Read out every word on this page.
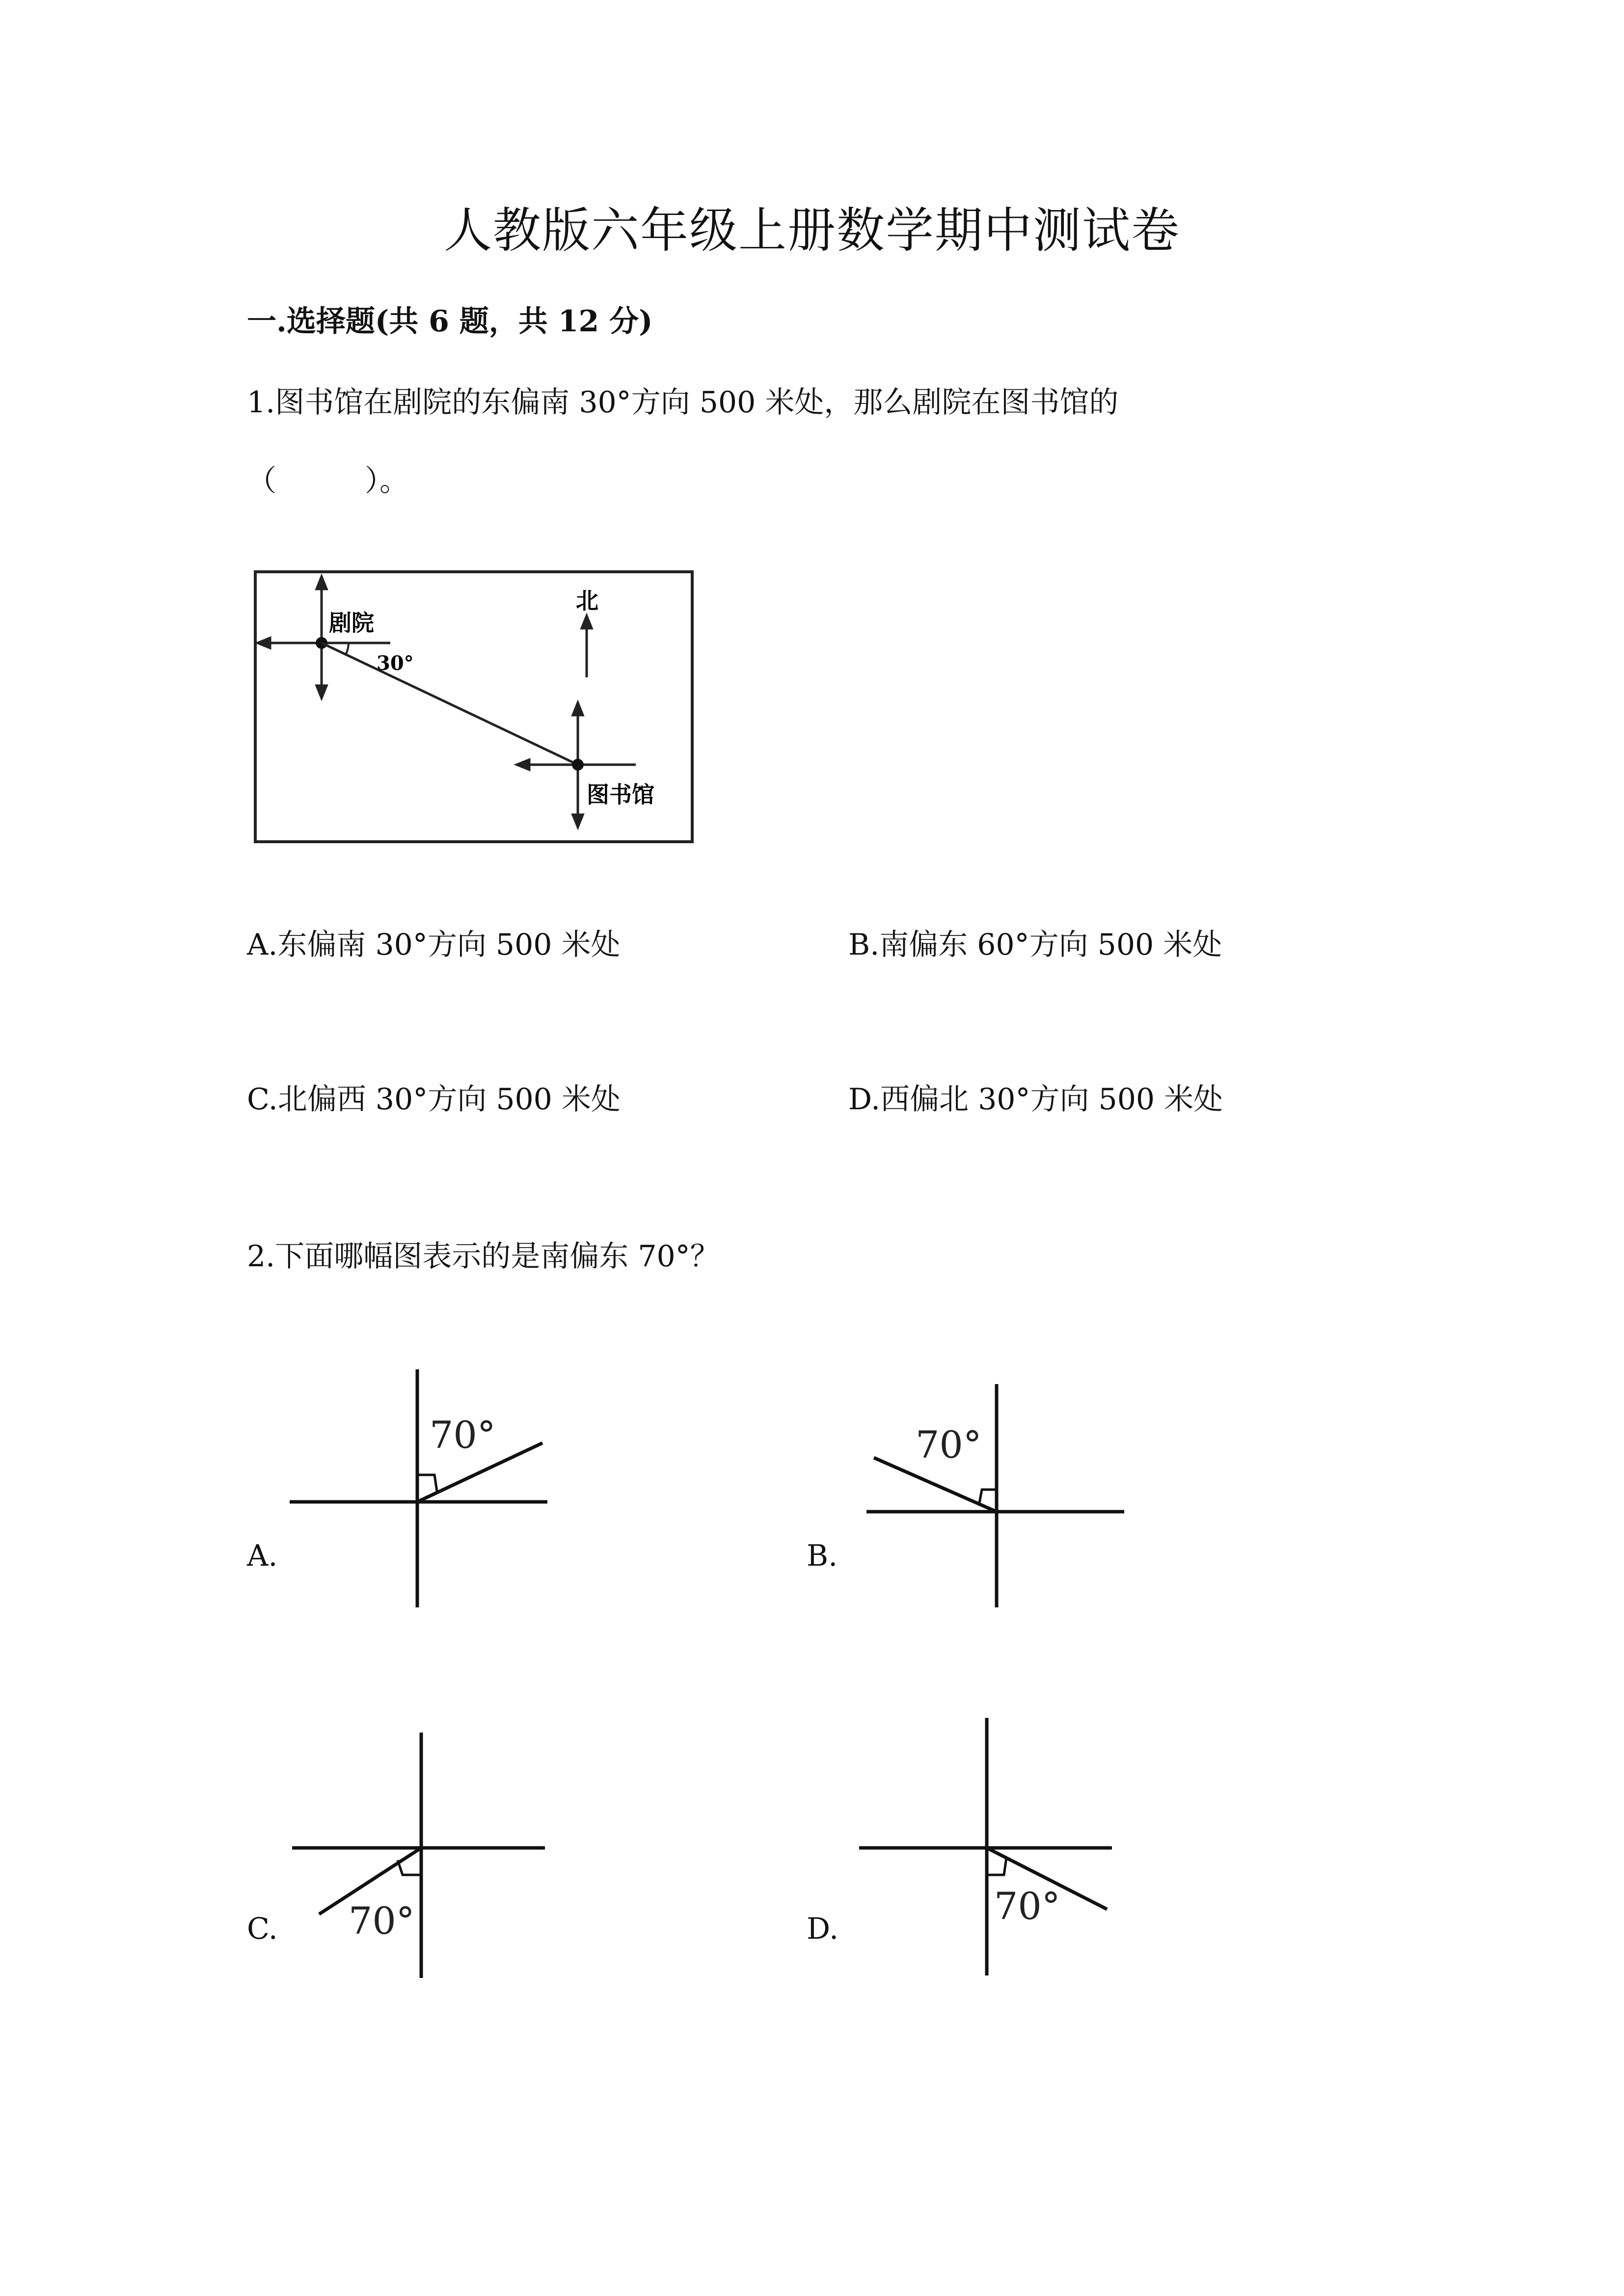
人教版六年级上册数学期中测试卷
一.选择题(共 6 题，共 12 分)
1.图书馆在剧院的东偏南 30°方向 500 米处，那么剧院在图书馆的
（　　　）。
剧院
30°
北
图书馆
A.东偏南 30°方向 500 米处	B.南偏东 60°方向 500 米处
C.北偏西 30°方向 500 米处	D.西偏北 30°方向 500 米处
2.下面哪幅图表示的是南偏东 70°？
A.	B.
C.	D.
70°	70°
70°	70°
